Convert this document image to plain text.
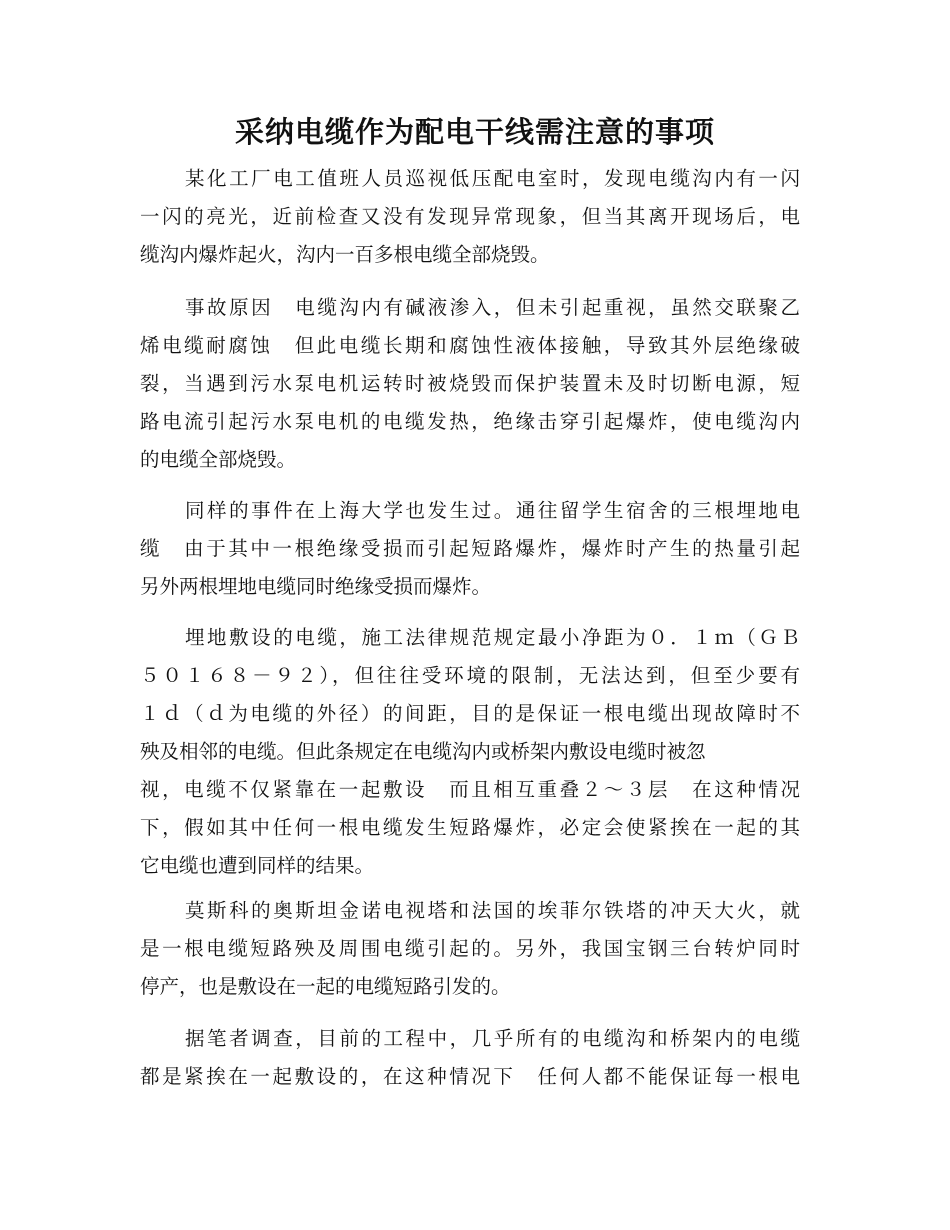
采纳电缆作为配电干线需注意的事项
某化工厂电工值班人员巡视低压配电室时，发现电缆沟内有一闪
一闪的亮光，近前检查又没有发现异常现象，但当其离开现场后，电
缆沟内爆炸起火，沟内一百多根电缆全部烧毁。
事故原因　电缆沟内有碱液渗入，但未引起重视，虽然交联聚乙
烯电缆耐腐蚀　但此电缆长期和腐蚀性液体接触，导致其外层绝缘破
裂，当遇到污水泵电机运转时被烧毁而保护装置未及时切断电源，短
路电流引起污水泵电机的电缆发热，绝缘击穿引起爆炸，使电缆沟内
的电缆全部烧毁。
同样的事件在上海大学也发生过。通往留学生宿舍的三根埋地电
缆　由于其中一根绝缘受损而引起短路爆炸，爆炸时产生的热量引起
另外两根埋地电缆同时绝缘受损而爆炸。
埋地敷设的电缆，施工法律规范规定最小净距为０．１ｍ（ＧＢ
５０１６８－９２），但往往受环境的限制，无法达到，但至少要有
１ｄ（ｄ为电缆的外径）的间距，目的是保证一根电缆出现故障时不
殃及相邻的电缆。但此条规定在电缆沟内或桥架内敷设电缆时被忽
视，电缆不仅紧靠在一起敷设　而且相互重叠２～３层　在这种情况
下，假如其中任何一根电缆发生短路爆炸，必定会使紧挨在一起的其
它电缆也遭到同样的结果。
莫斯科的奥斯坦金诺电视塔和法国的埃菲尔铁塔的冲天大火，就
是一根电缆短路殃及周围电缆引起的。另外，我国宝钢三台转炉同时
停产，也是敷设在一起的电缆短路引发的。
据笔者调查，目前的工程中，几乎所有的电缆沟和桥架内的电缆
都是紧挨在一起敷设的，在这种情况下　任何人都不能保证每一根电
